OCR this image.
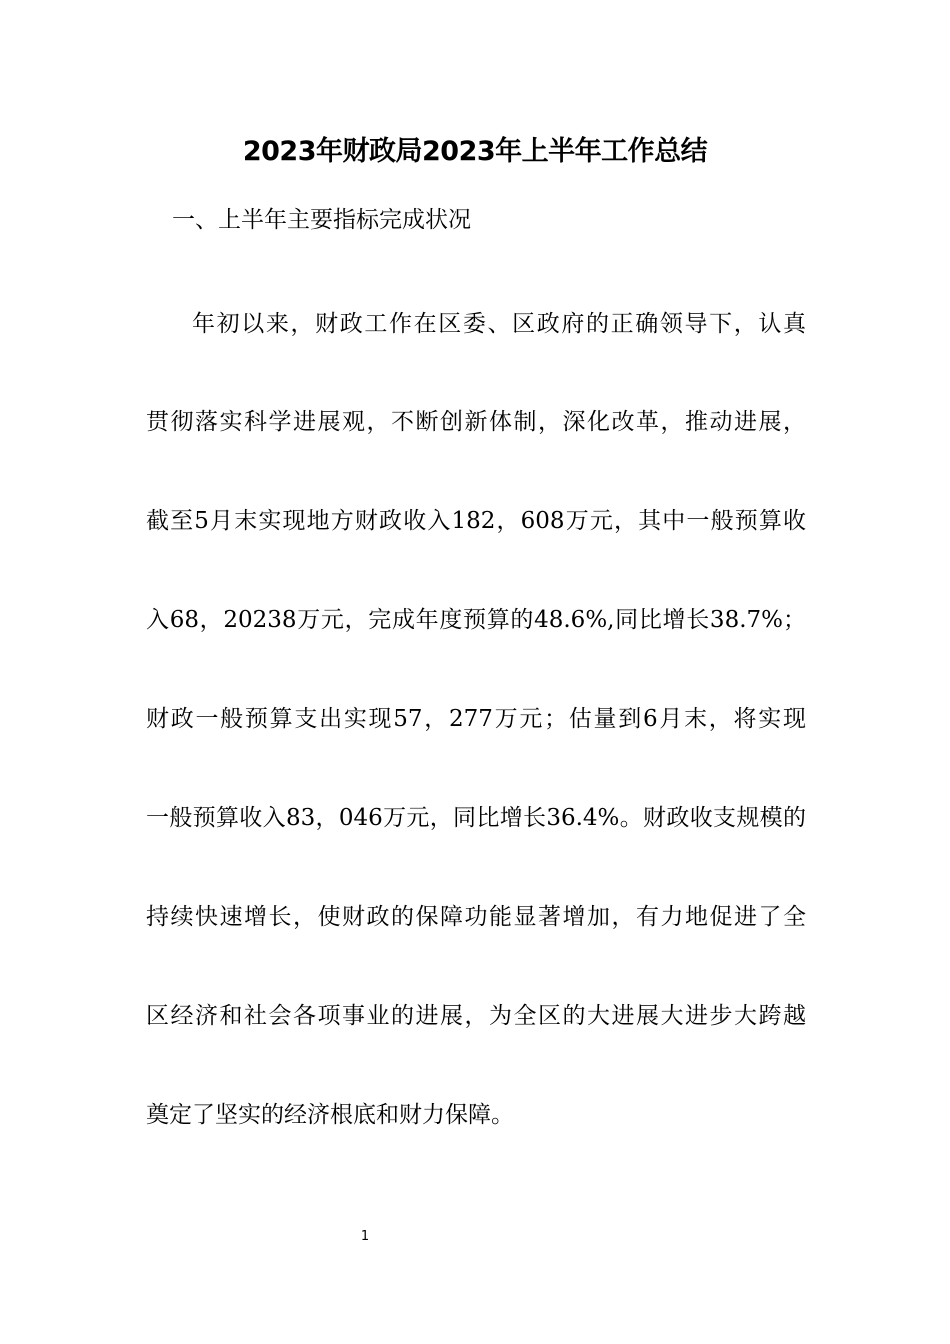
2023年财政局2023年上半年工作总结
一、上半年主要指标完成状况
年初以来，财政工作在区委、区政府的正确领导下，认真
贯彻落实科学进展观，不断创新体制，深化改革，推动进展，
截至5月末实现地方财政收入182，608万元，其中一般预算收
入68，20238万元，完成年度预算的48.6%,同比增长38.7%；
财政一般预算支出实现57，277万元；估量到6月末，将实现
一般预算收入83，046万元，同比增长36.4%。财政收支规模的
持续快速增长，使财政的保障功能显著增加，有力地促进了全
区经济和社会各项事业的进展，为全区的大进展大进步大跨越
奠定了坚实的经济根底和财力保障。
1
